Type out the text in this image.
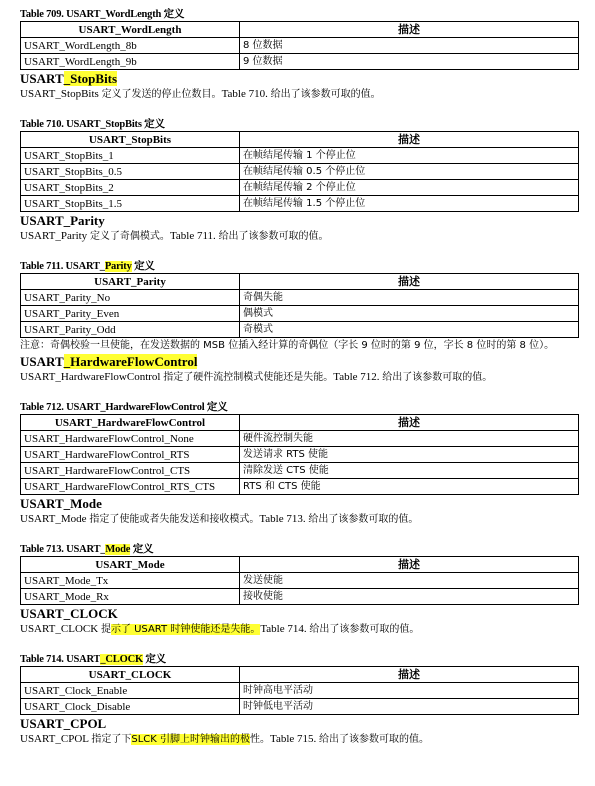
Table 709. USART_WordLength 定义
USART_WordLength	描述
USART_WordLength_8b	8 位数据
USART_WordLength_9b	9 位数据
USART_StopBits
USART_StopBits 定义了发送的停止位数目。Table 710. 给出了该参数可取的值。
Table 710. USART_StopBits 定义
USART_StopBits	描述
USART_StopBits_1	在帧结尾传输 1 个停止位
USART_StopBits_0.5	在帧结尾传输 0.5 个停止位
USART_StopBits_2	在帧结尾传输 2 个停止位
USART_StopBits_1.5	在帧结尾传输 1.5 个停止位
USART_Parity
USART_Parity 定义了奇偶模式。Table 711. 给出了该参数可取的值。
Table 711. USART_Parity 定义
USART_Parity	描述
USART_Parity_No	奇偶失能
USART_Parity_Even	偶模式
USART_Parity_Odd	奇模式
注意：奇偶校验一旦使能，在发送数据的 MSB 位插入经计算的奇偶位（字长 9 位时的第 9 位，字长 8 位时的第 8 位）。
USART_HardwareFlowControl
USART_HardwareFlowControl 指定了硬件流控制模式使能还是失能。Table 712. 给出了该参数可取的值。
Table 712. USART_HardwareFlowControl 定义
USART_HardwareFlowControl	描述
USART_HardwareFlowControl_None	硬件流控制失能
USART_HardwareFlowControl_RTS	发送请求 RTS 使能
USART_HardwareFlowControl_CTS	清除发送 CTS 使能
USART_HardwareFlowControl_RTS_CTS	RTS 和 CTS 使能
USART_Mode
USART_Mode 指定了使能或者失能发送和接收模式。Table 713. 给出了该参数可取的值。
Table 713. USART_Mode 定义
USART_Mode	描述
USART_Mode_Tx	发送使能
USART_Mode_Rx	接收使能
USART_CLOCK
USART_CLOCK 提示了 USART 时钟使能还是失能。Table 714. 给出了该参数可取的值。
Table 714. USART_CLOCK 定义
USART_CLOCK	描述
USART_Clock_Enable	时钟高电平活动
USART_Clock_Disable	时钟低电平活动
USART_CPOL
USART_CPOL 指定了下SLCK 引脚上时钟输出的极性。Table 715. 给出了该参数可取的值。
